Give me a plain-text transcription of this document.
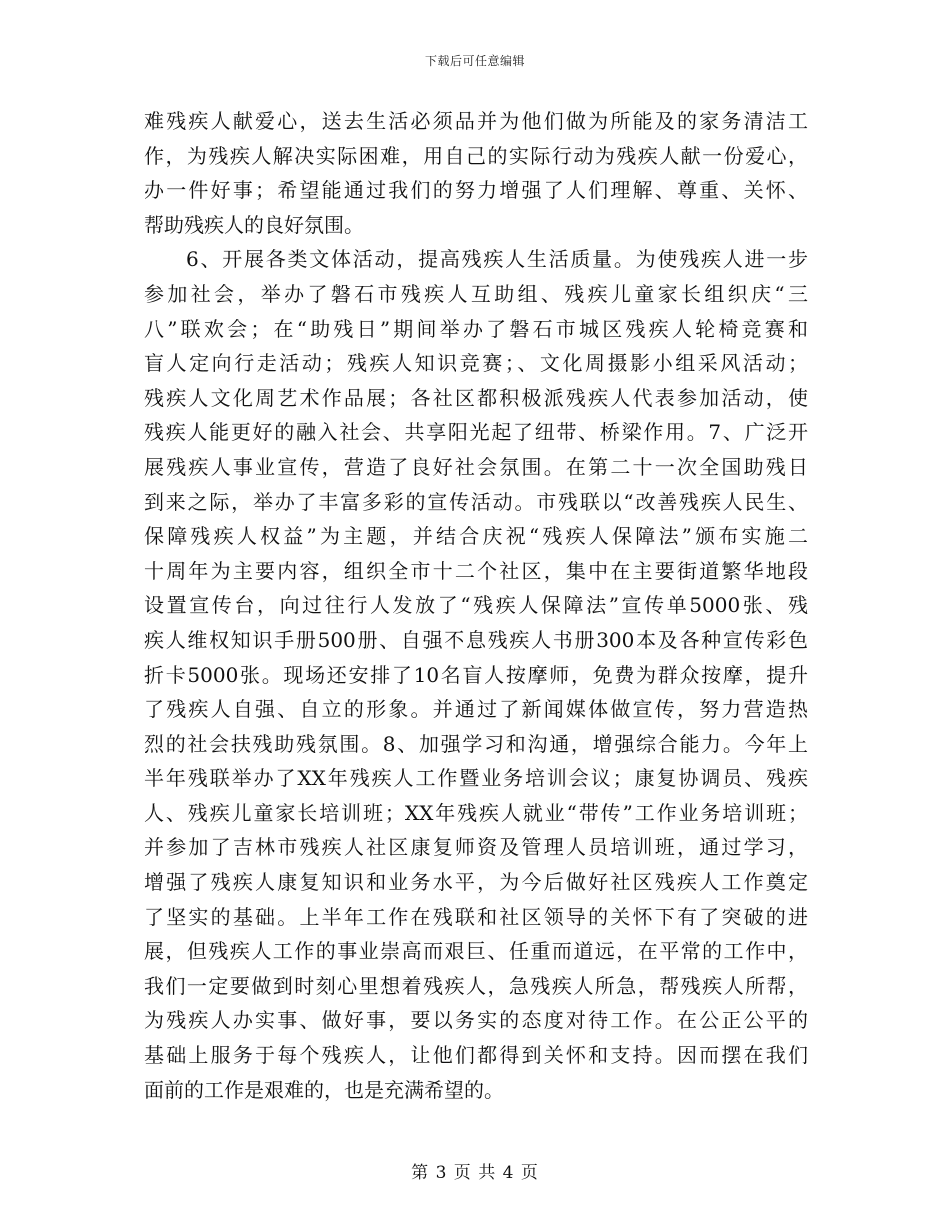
下载后可任意编辑
难残疾人献爱心，送去生活必须品并为他们做为所能及的家务清洁工
作，为残疾人解决实际困难，用自己的实际行动为残疾人献一份爱心，
办一件好事；希望能通过我们的努力增强了人们理解、尊重、关怀、
帮助残疾人的良好氛围。
6、开展各类文体活动，提高残疾人生活质量。为使残疾人进一步
参加社会，举办了磐石市残疾人互助组、残疾儿童家长组织庆“三
八”联欢会；在“助残日”期间举办了磐石市城区残疾人轮椅竞赛和
盲人定向行走活动；残疾人知识竞赛；、文化周摄影小组采风活动；
残疾人文化周艺术作品展；各社区都积极派残疾人代表参加活动，使
残疾人能更好的融入社会、共享阳光起了纽带、桥梁作用。7、广泛开
展残疾人事业宣传，营造了良好社会氛围。在第二十一次全国助残日
到来之际，举办了丰富多彩的宣传活动。市残联以“改善残疾人民生、
保障残疾人权益”为主题，并结合庆祝“残疾人保障法”颁布实施二
十周年为主要内容，组织全市十二个社区，集中在主要街道繁华地段
设置宣传台，向过往行人发放了“残疾人保障法”宣传单5000张、残
疾人维权知识手册500册、自强不息残疾人书册300本及各种宣传彩色
折卡5000张。现场还安排了10名盲人按摩师，免费为群众按摩，提升
了残疾人自强、自立的形象。并通过了新闻媒体做宣传，努力营造热
烈的社会扶残助残氛围。8、加强学习和沟通，增强综合能力。今年上
半年残联举办了XX年残疾人工作暨业务培训会议；康复协调员、残疾
人、残疾儿童家长培训班；XX年残疾人就业“带传”工作业务培训班；
并参加了吉林市残疾人社区康复师资及管理人员培训班，通过学习，
增强了残疾人康复知识和业务水平，为今后做好社区残疾人工作奠定
了坚实的基础。上半年工作在残联和社区领导的关怀下有了突破的进
展，但残疾人工作的事业崇高而艰巨、任重而道远，在平常的工作中，
我们一定要做到时刻心里想着残疾人，急残疾人所急，帮残疾人所帮，
为残疾人办实事、做好事，要以务实的态度对待工作。在公正公平的
基础上服务于每个残疾人，让他们都得到关怀和支持。因而摆在我们
面前的工作是艰难的，也是充满希望的。
第 3 页 共 4 页
